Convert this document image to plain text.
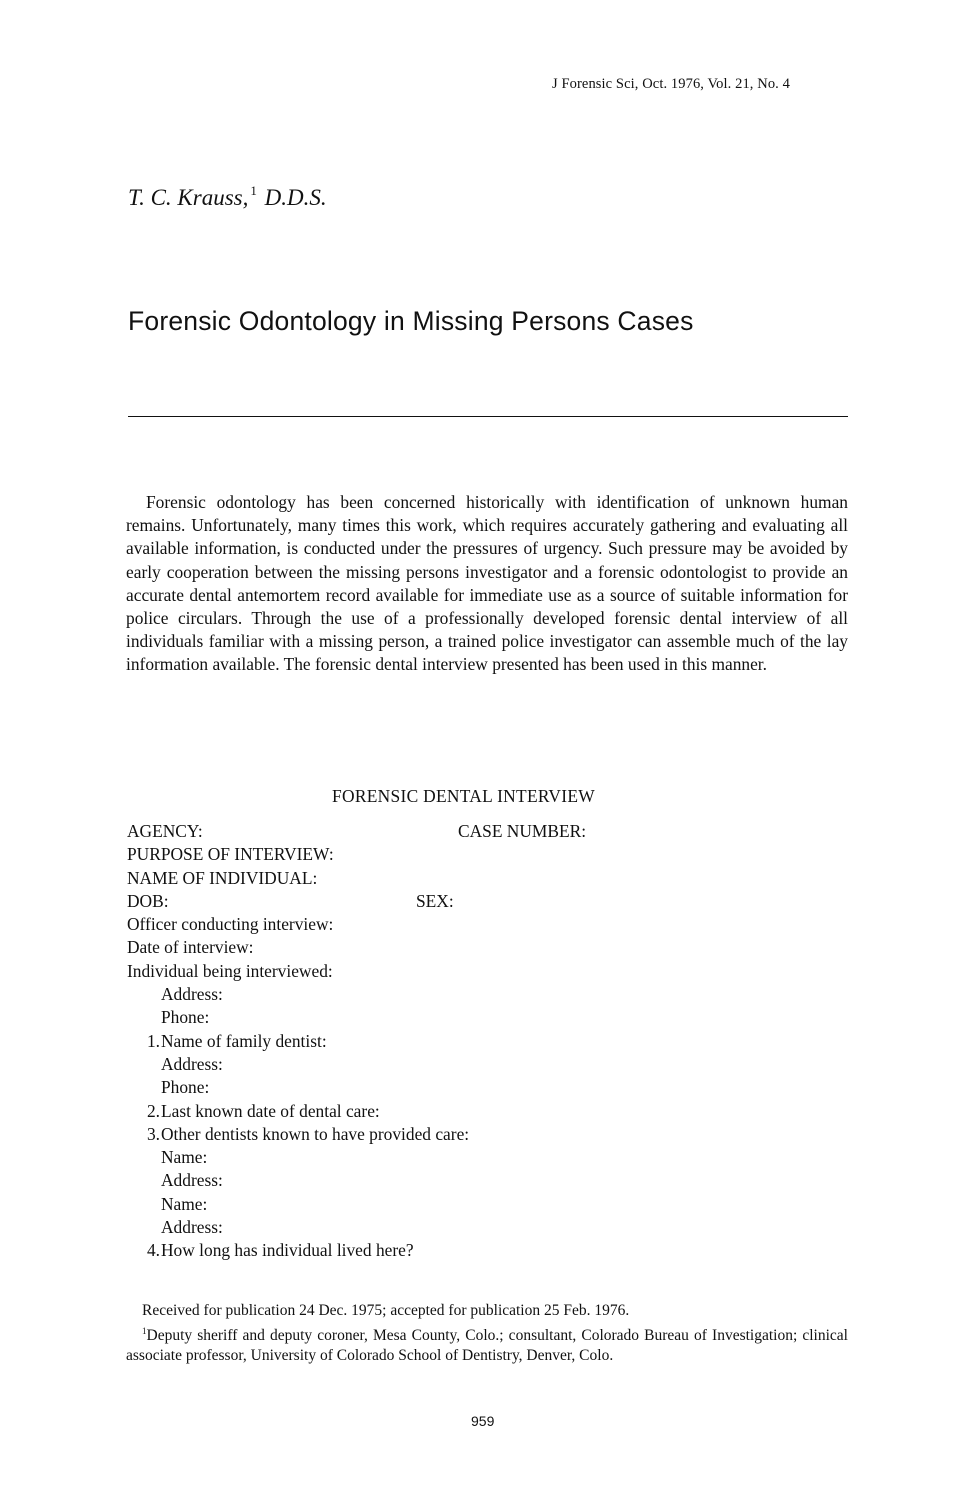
J Forensic Sci, Oct. 1976, Vol. 21, No. 4
T. C. Krauss, $^1$ D.D.S.
Forensic Odontology in Missing Persons Cases
Forensic odontology has been concerned historically with identification of unknown human remains. Unfortunately, many times this work, which requires accurately gathering and evaluating all available information, is conducted under the pressures of urgency. Such pressure may be avoided by early cooperation between the missing persons investigator and a forensic odontologist to provide an accurate dental antemortem record available for immediate use as a source of suitable information for police circulars. Through the use of a professionally developed forensic dental interview of all individuals familiar with a missing person, a trained police investigator can assemble much of the lay information available. The forensic dental interview presented has been used in this manner.
FORENSIC DENTAL INTERVIEW
AGENCY:	CASE NUMBER:
PURPOSE OF INTERVIEW:
NAME OF INDIVIDUAL:
DOB:	SEX:
Officer conducting interview:
Date of interview:
Individual being interviewed:
Address:
Phone:
1.Name of family dentist:
Address:
Phone:
2.Last known date of dental care:
3.Other dentists known to have provided care:
Name:
Address:
Name:
Address:
4.How long has individual lived here?
Received for publication 24 Dec. 1975; accepted for publication 25 Feb. 1976.
$^1$Deputy sheriff and deputy coroner, Mesa County, Colo.; consultant, Colorado Bureau of Investigation; clinical associate professor, University of Colorado School of Dentistry, Denver, Colo.
959
